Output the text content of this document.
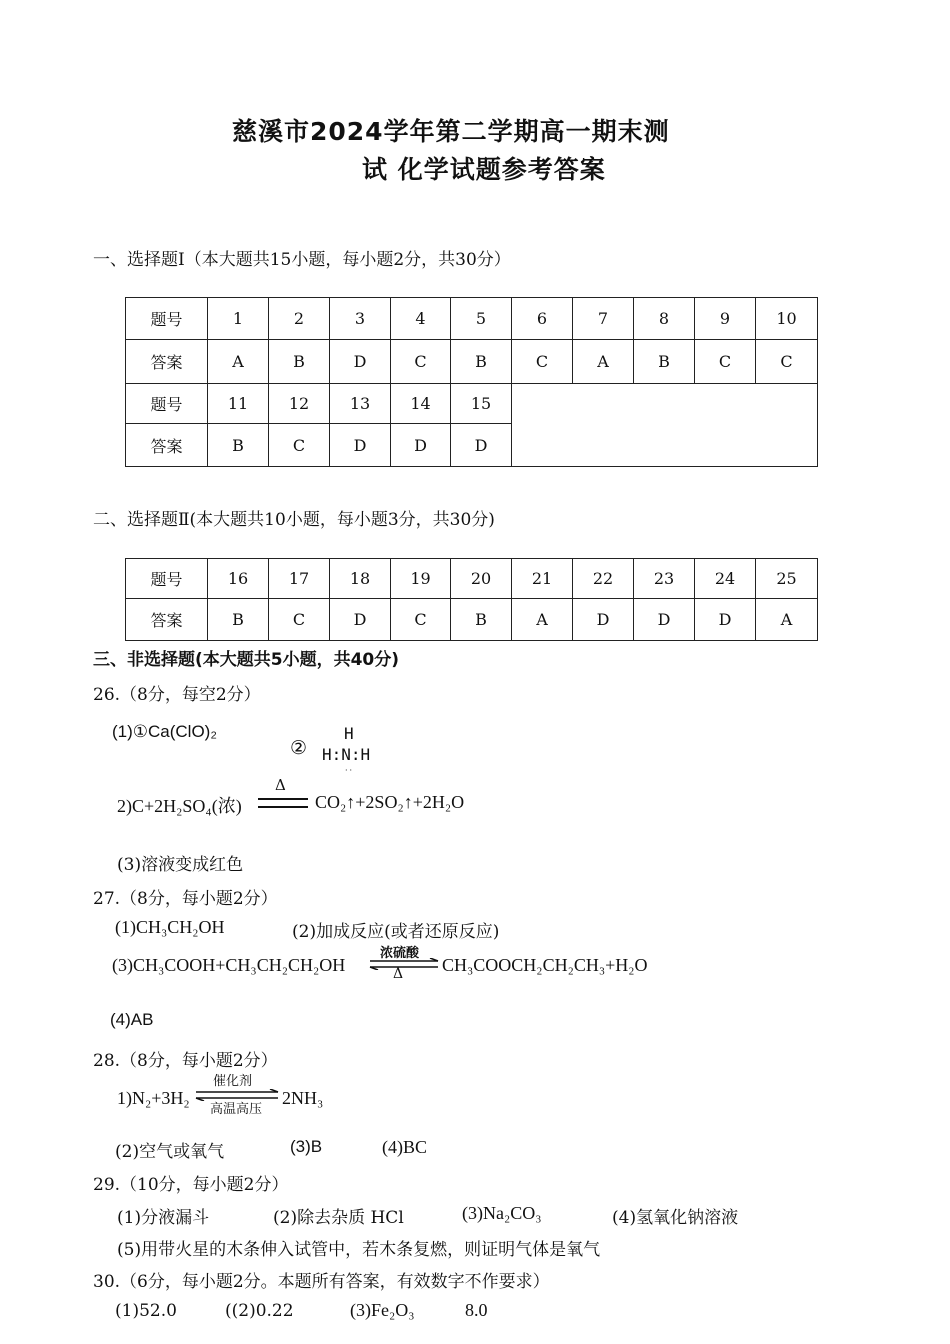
慈溪市2024学年第二学期高一期末测
试 化学试题参考答案
一、选择题Ⅰ（本大题共15小题，每小题2分，共30分）
题号	1	2	3	4	5	6	7	8	9	10
答案	A	B	D	C	B	C	A	B	C	C
题号	11	12	13	14	15					
答案	B	C	D	D	D					
二、选择题Ⅱ(本大题共10小题，每小题3分，共30分)
题号	16	17	18	19	20	21	22	23	24	25
答案	B	C	D	C	B	A	D	D	D	A
三、非选择题(本大题共5小题，共40分)
26.（8分，每空2分）
(1)①Ca(ClO)₂
②
H
H:N:H
··
2)C+2H₂SO₄(浓)
Δ
CO₂↑+2SO₂↑+2H₂O
(3)溶液变成红色
27.（8分，每小题2分）
(1)CH₃CH₂OH	(2)加成反应(或者还原反应)
(3)CH₃COOH+CH₃CH₂CH₂OH
浓硫酸
Δ CH₃COOCH₂CH₂CH₃+H₂O
(4)AB
28.（8分，每小题2分）
1)N₂+3H₂
催化剂
高温高压
2NH₃
(2)空气或氧气	(3)B	(4)BC
29.（10分，每小题2分）
(1)分液漏斗	(2)除去杂质 HCl	(3)Na₂CO₃	(4)氢氧化钠溶液
(5)用带火星的木条伸入试管中，若木条复燃，则证明气体是氧气
30.（6分，每小题2分。本题所有答案，有效数字不作要求）
(1)52.0	((2)0.22	(3)Fe₂O₃	8.0
